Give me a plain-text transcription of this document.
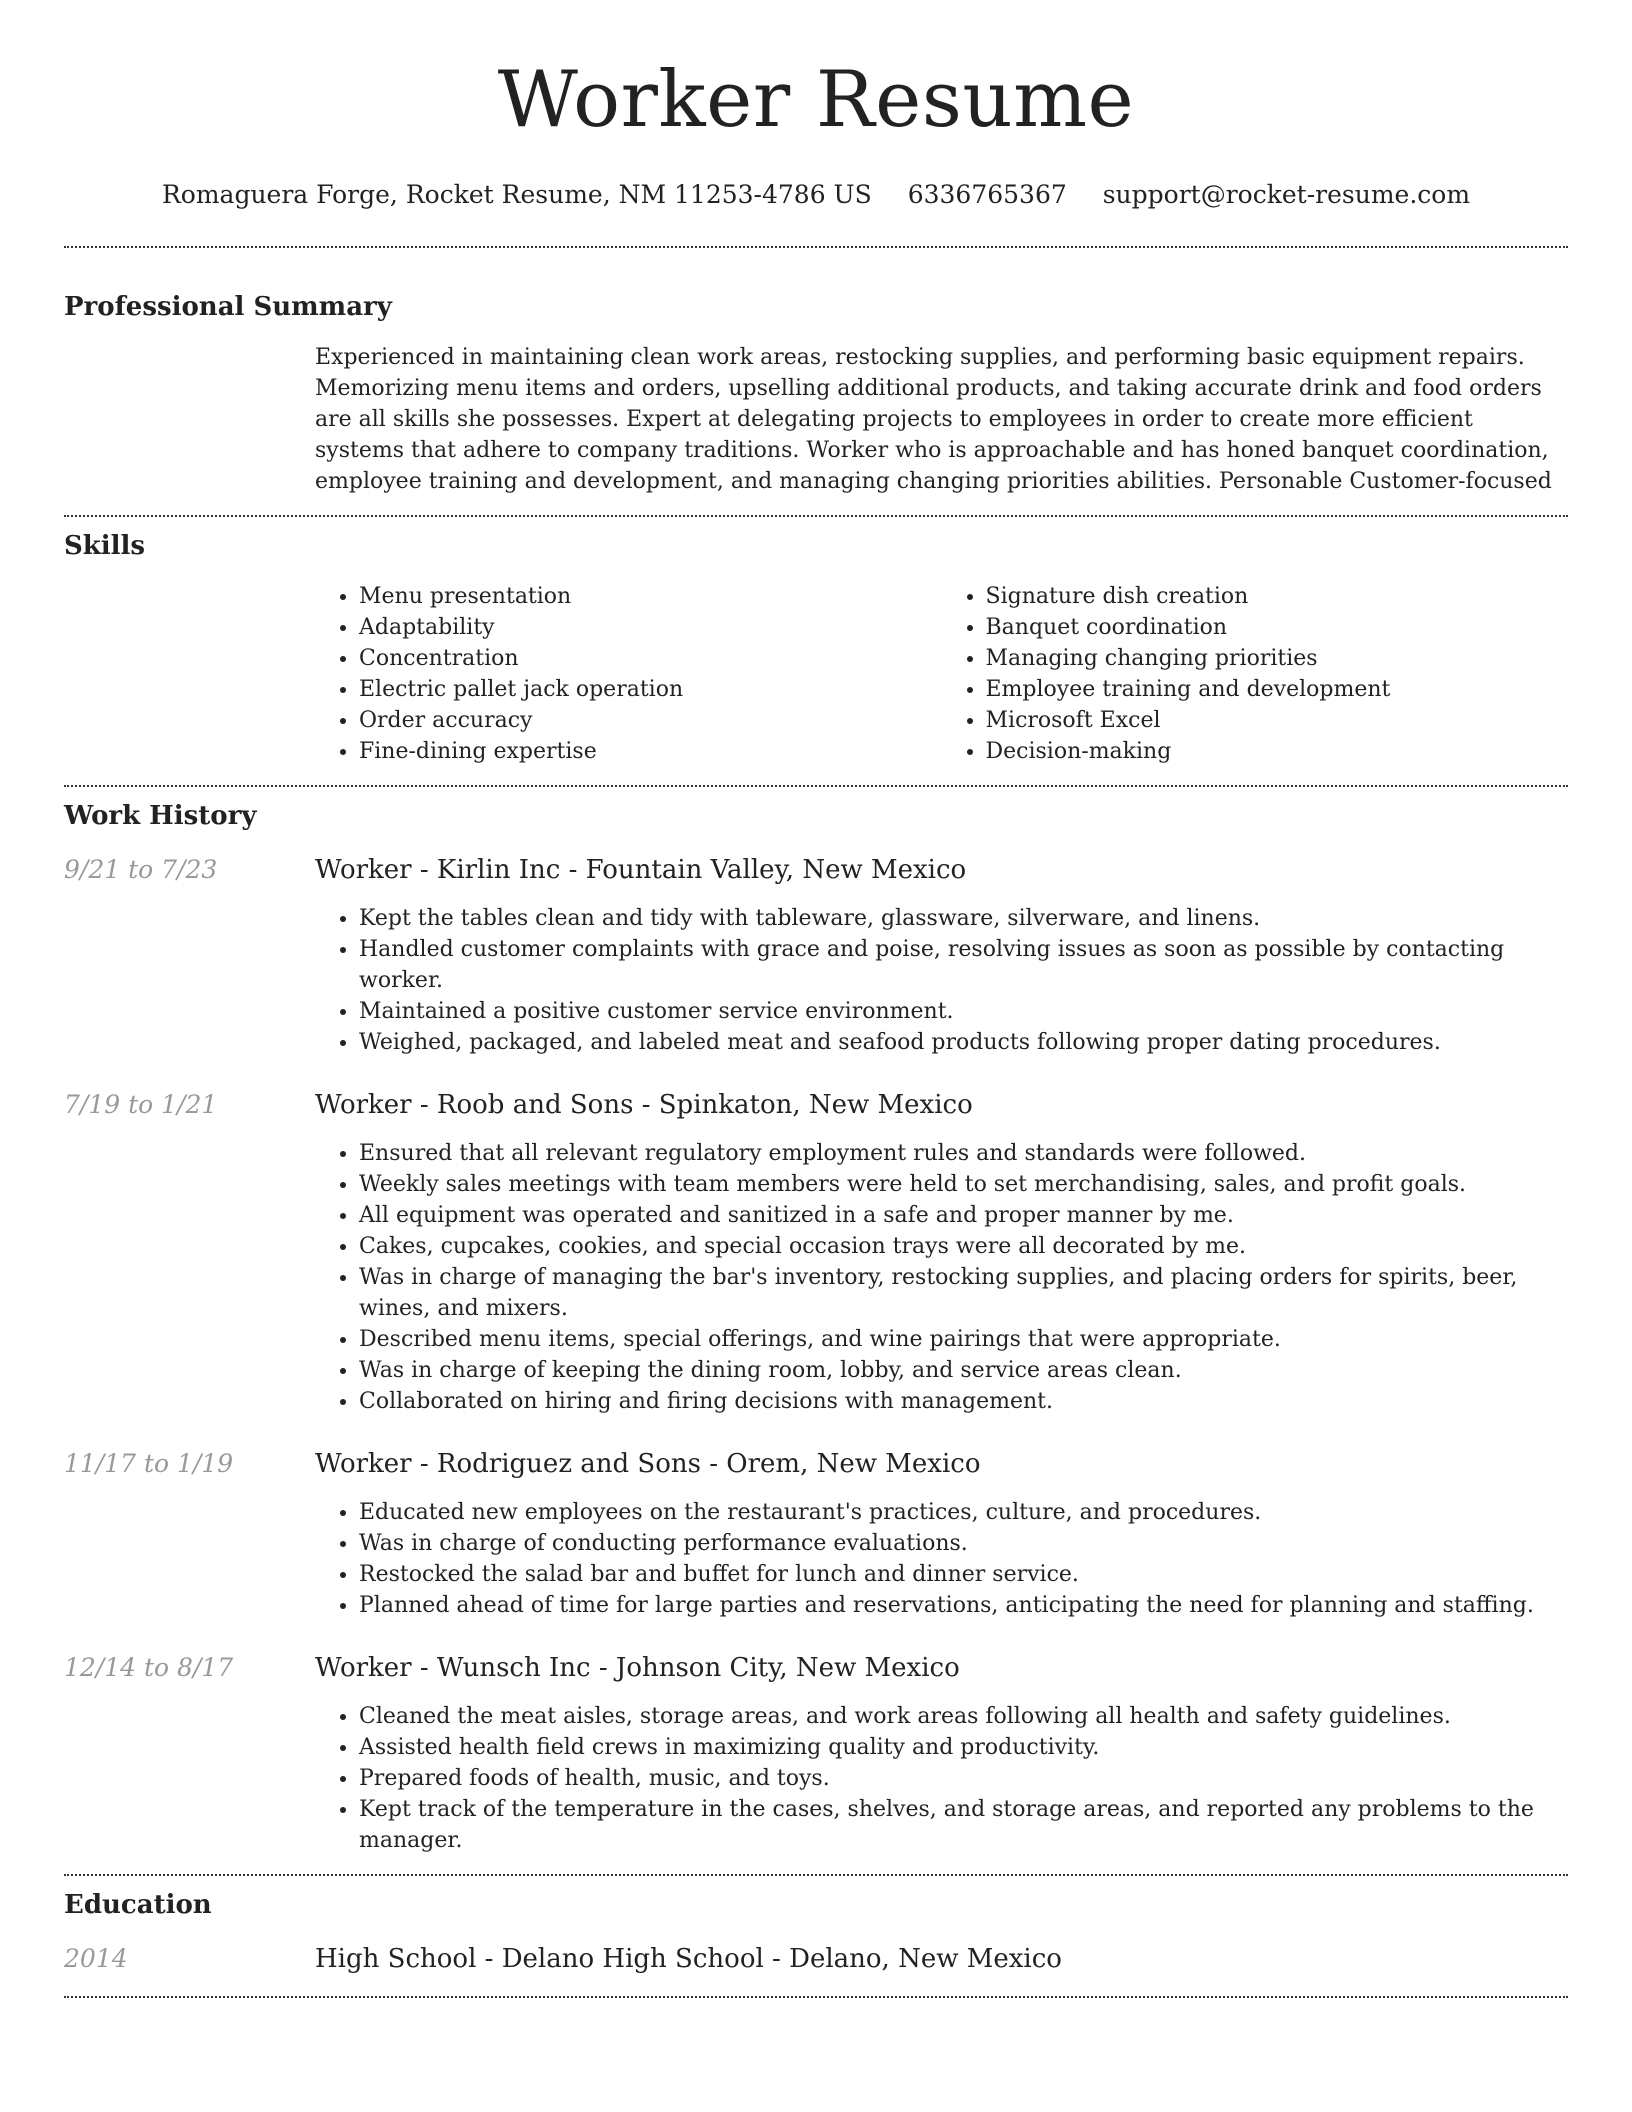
Worker Resume
Romaguera Forge, Rocket Resume, NM 11253-4786 US 6336765367 support@rocket-resume.com
Professional Summary

Experienced in maintaining clean work areas, restocking supplies, and performing basic equipment repairs. Memorizing menu items and orders, upselling additional products, and taking accurate drink and food orders are all skills she possesses. Expert at delegating projects to employees in order to create more efficient systems that adhere to company traditions. Worker who is approachable and has honed banquet coordination, employee training and development, and managing changing priorities abilities. Personable Customer-focused

Skills
• Menu presentation
• Adaptability
• Concentration
• Electric pallet jack operation
• Order accuracy
• Fine-dining expertise
• Signature dish creation
• Banquet coordination
• Managing changing priorities
• Employee training and development
• Microsoft Excel
• Decision-making
Work History
9/21 to 7/23	Worker - Kirlin Inc - Fountain Valley, New Mexico
• Kept the tables clean and tidy with tableware, glassware, silverware, and linens.
• Handled customer complaints with grace and poise, resolving issues as soon as possible by contacting worker.
• Maintained a positive customer service environment.
• Weighed, packaged, and labeled meat and seafood products following proper dating procedures.
7/19 to 1/21	Worker - Roob and Sons - Spinkaton, New Mexico
• Ensured that all relevant regulatory employment rules and standards were followed.
• Weekly sales meetings with team members were held to set merchandising, sales, and profit goals.
• All equipment was operated and sanitized in a safe and proper manner by me.
• Cakes, cupcakes, cookies, and special occasion trays were all decorated by me.
• Was in charge of managing the bar's inventory, restocking supplies, and placing orders for spirits, beer, wines, and mixers.
• Described menu items, special offerings, and wine pairings that were appropriate.
• Was in charge of keeping the dining room, lobby, and service areas clean.
• Collaborated on hiring and firing decisions with management.
11/17 to 1/19	Worker - Rodriguez and Sons - Orem, New Mexico
• Educated new employees on the restaurant's practices, culture, and procedures.
• Was in charge of conducting performance evaluations.
• Restocked the salad bar and buffet for lunch and dinner service.
• Planned ahead of time for large parties and reservations, anticipating the need for planning and staffing.
12/14 to 8/17	Worker - Wunsch Inc - Johnson City, New Mexico
• Cleaned the meat aisles, storage areas, and work areas following all health and safety guidelines.
• Assisted health field crews in maximizing quality and productivity.
• Prepared foods of health, music, and toys.
• Kept track of the temperature in the cases, shelves, and storage areas, and reported any problems to the manager.
Education
2014	High School - Delano High School - Delano, New Mexico
